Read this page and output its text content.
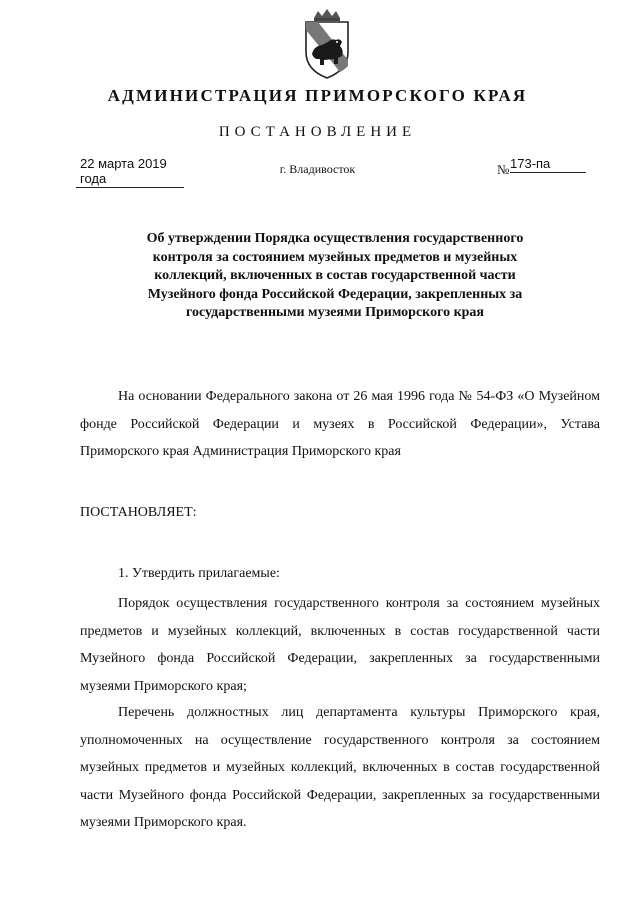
АДМИНИСТРАЦИЯ ПРИМОРСКОГО КРАЯ
ПОСТАНОВЛЕНИЕ
22 марта 2019 года
г. Владивосток	№ 173-па
Об утверждении Порядка осуществления государственного контроля за состоянием музейных предметов и музейных коллекций, включенных в состав государственной части Музейного фонда Российской Федерации, закрепленных за государственными музеями Приморского края

На основании Федерального закона от 26 мая 1996 года № 54-ФЗ «О Музейном фонде Российской Федерации и музеях в Российской Федерации», Устава Приморского края Администрация Приморского края

ПОСТАНОВЛЯЕТ:
1. Утвердить прилагаемые:

Порядок осуществления государственного контроля за состоянием музейных предметов и музейных коллекций, включенных в состав государственной части Музейного фонда Российской Федерации, закрепленных за государственными музеями Приморского края;

Перечень должностных лиц департамента культуры Приморского края, уполномоченных на осуществление государственного контроля за состоянием музейных предметов и музейных коллекций, включенных в состав государственной части Музейного фонда Российской Федерации, закрепленных за государственными музеями Приморского края.
